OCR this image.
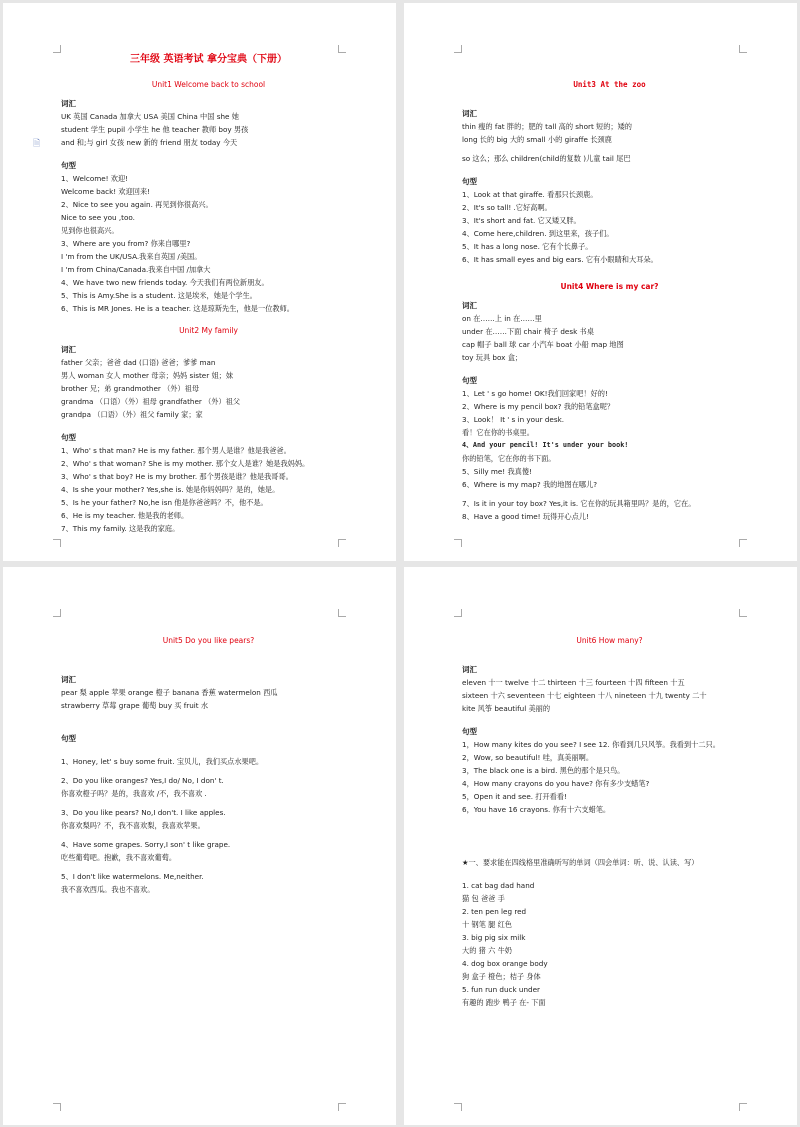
🗎
三年级 英语考试 拿分宝典（下册）
Unit1 Welcome back to school
词汇
UK 英国 Canada 加拿大 USA 美国 China 中国 she 她
student 学生 pupil 小学生 he 他 teacher 教师 boy 男孩
and 和;与 girl 女孩 new 新的 friend 朋友 today 今天
句型
1、Welcome! 欢迎!
Welcome back! 欢迎回来!
2、Nice to see you again. 再见到你很高兴。
Nice to see you ,too.
见到你也很高兴。
3、Where are you from? 你来自哪里?
I 'm from the UK/USA.我来自英国 /美国。
I 'm from China/Canada.我来自中国 /加拿大
4、We have two new friends today. 今天我们有两位新朋友。
5、This is Amy.She is a student. 这是埃米，她是个学生。
6、This is MR Jones. He is a teacher. 这是琼斯先生，他是一位教师。
Unit2 My family
词汇
father 父亲；爸爸 dad (口语) 爸爸；爹爹 man
男人 woman 女人 mother 母亲；妈妈 sister 姐；妹
brother 兄；弟 grandmother （外）祖母
grandma （口语）（外）祖母 grandfather （外）祖父
grandpa （口语）（外）祖父 family 家；家
句型
1、Who' s that man? He is my father. 那个男人是谁？他是我爸爸。
2、Who' s that woman? She is my mother. 那个女人是谁？她是我妈妈。
3、Who' s that boy? He is my brother. 那个男孩是谁？他是我哥哥。
4、Is she your mother? Yes,she is. 她是你妈妈吗？是的，她是。
5、Is he your father? No,he isn 他是你爸爸吗？不，他不是。
6、He is my teacher. 他是我的老师。
7、This my family. 这是我的家庭。
Unit3 At the zoo
词汇
thin 瘦的 fat 胖的；肥的 tall 高的 short 短的；矮的
long 长的 big 大的 small 小的 giraffe 长颈鹿
so 这么；那么 children(child的复数 )儿童 tail 尾巴
句型
1、Look at that giraffe. 看那只长颈鹿。
2、It's so tall! .它好高啊。
3、It's short and fat. 它又矮又胖。
4、Come here,children. 到这里来，孩子们。
5、It has a long nose. 它有个长鼻子。
6、It has small eyes and big ears. 它有小眼睛和大耳朵。
Unit4 Where is my car?
词汇
on 在……上 in 在……里
under 在……下面 chair 椅子 desk 书桌
cap 帽子 ball 球 car 小汽车 boat 小船 map 地图
toy 玩具 box 盒；
句型
1、Let ' s go home! OK!我们回家吧！好的!
2、Where is my pencil box? 我的铅笔盒呢？
3、Look！ It ' s in your desk.
看！它在你的书桌里。
4、And your pencil! It's under your book!
你的铅笔，它在你的书下面。
5、Silly me! 我真傻!
6、Where is my map? 我的地图在哪儿?
7、Is it in your toy box? Yes,it is. 它在你的玩具箱里吗？是的，它在。
8、Have a good time! 玩得开心点儿!
Unit5 Do you like pears?
词汇
pear 梨 apple 苹果 orange 橙子 banana 香蕉 watermelon 西瓜
strawberry 草莓 grape 葡萄 buy 买 fruit 水
句型
1、Honey, let' s buy some fruit. 宝贝儿，我们买点水果吧。
2、Do you like oranges? Yes,I do/ No, I don' t.
你喜欢橙子吗？是的，我喜欢 /不，我不喜欢 .
3、Do you like pears? No,I don't. I like apples.
你喜欢梨吗？不，我不喜欢梨，我喜欢苹果。
4、Have some grapes. Sorry,I son' t like grape.
吃些葡萄吧。抱歉，我不喜欢葡萄。
5、I don't like watermelons. Me,neither.
我不喜欢西瓜。我也不喜欢。
Unit6 How many?
词汇
eleven 十一 twelve 十二 thirteen 十三 fourteen 十四 fifteen 十五
sixteen 十六 seventeen 十七 eighteen 十八 nineteen 十九 twenty 二十
kite 风筝 beautiful 美丽的
句型
1，How many kites do you see? I see 12. 你看到几只风筝。我看到十二只。
2，Wow, so beautiful! 哇，真美丽啊。
3，The black one is a bird. 黑色的那个是只鸟。
4，How many crayons do you have? 你有多少支蜡笔?
5，Open it and see. 打开看看!
6，You have 16 crayons. 你有十六支蜡笔。
★一、要求能在四线格里准确听写的单词（四会单词：听、说、认读、写）
1. cat bag dad hand
猫 包 爸爸 手
2. ten pen leg red
十 钢笔 腿 红色
3. big pig six milk
大的 猪 六 牛奶
4. dog box orange body
狗 盒子 橙色；桔子 身体
5. fun run duck under
有趣的 跑步 鸭子 在- 下面
